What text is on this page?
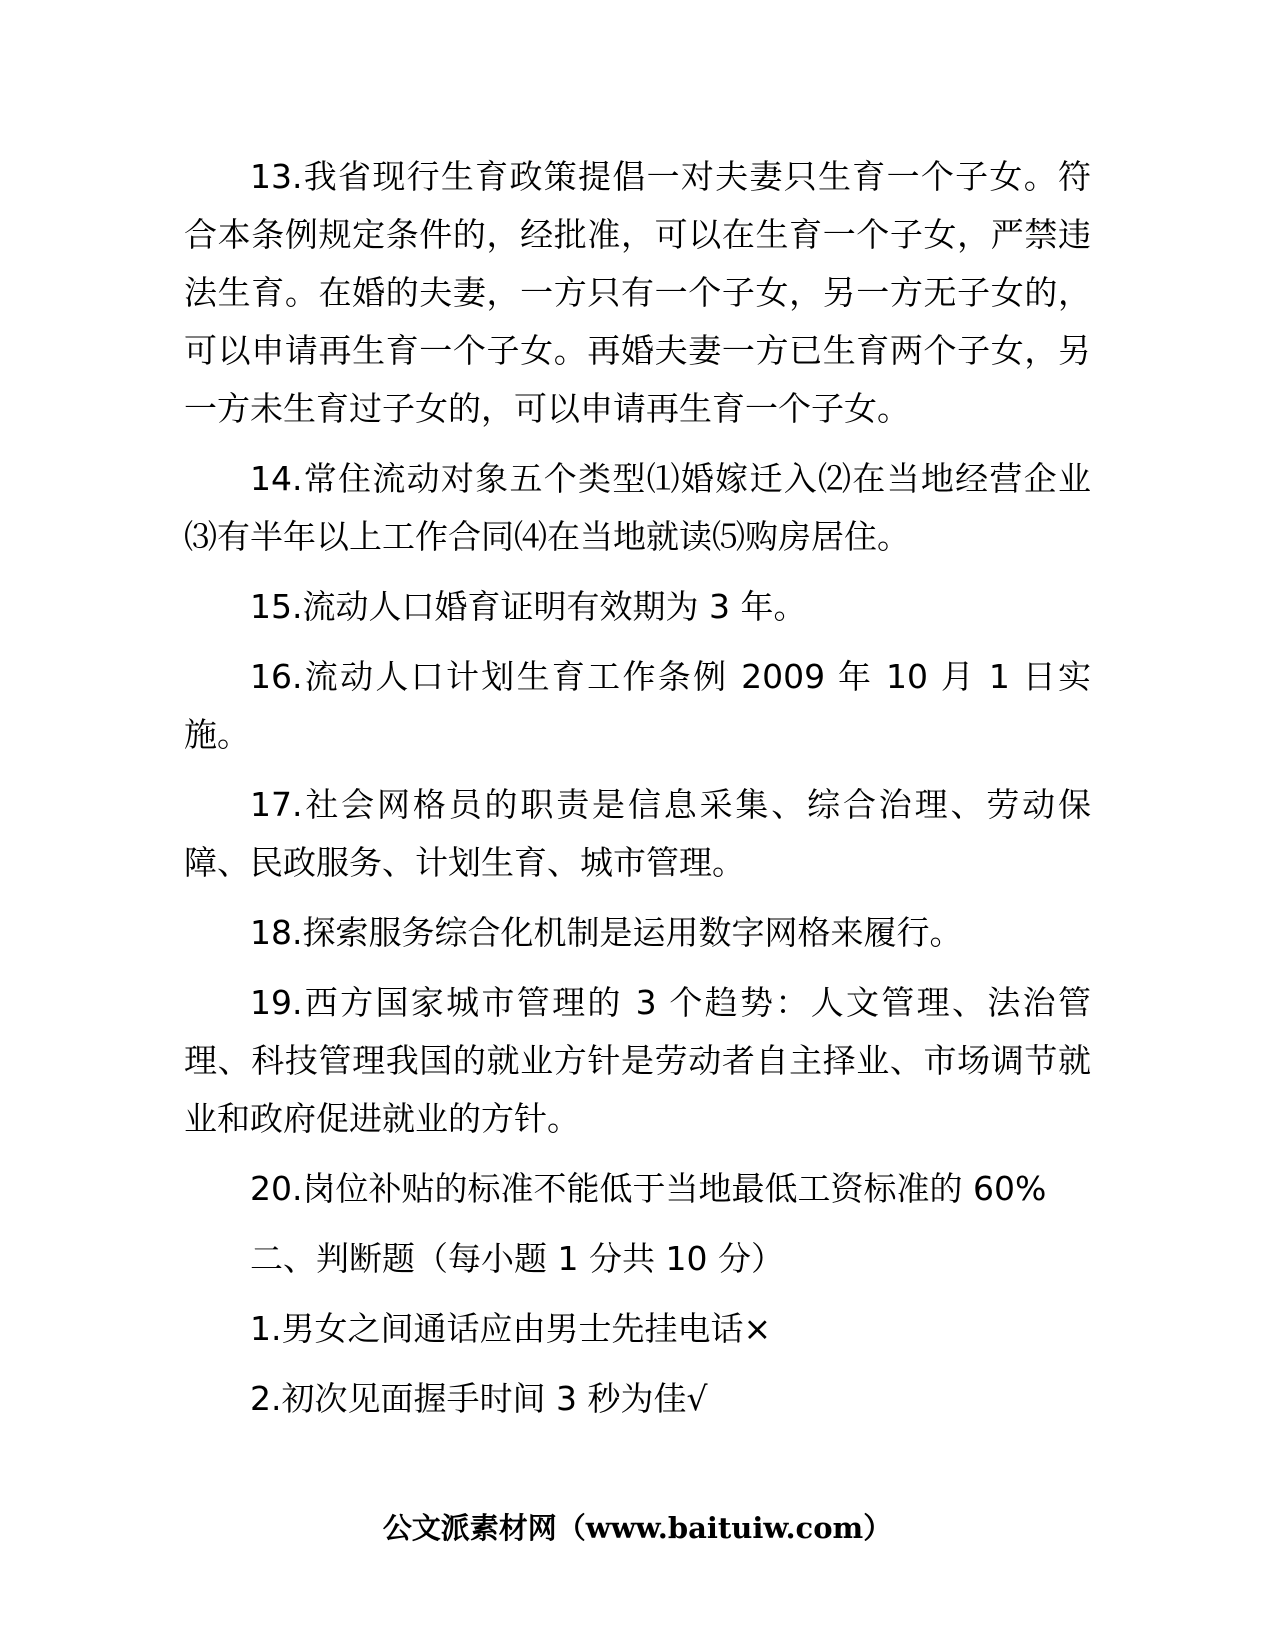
13.我省现行生育政策提倡一对夫妻只生育一个子女。符合本条例规定条件的，经批准，可以在生育一个子女，严禁违法生育。在婚的夫妻，一方只有一个子女，另一方无子女的，可以申请再生育一个子女。再婚夫妻一方已生育两个子女，另一方未生育过子女的，可以申请再生育一个子女。

14.常住流动对象五个类型⑴婚嫁迁入⑵在当地经营企业⑶有半年以上工作合同⑷在当地就读⑸购房居住。

15.流动人口婚育证明有效期为 3 年。

16.流动人口计划生育工作条例 2009 年 10 月 1 日实施。

17.社会网格员的职责是信息采集、综合治理、劳动保障、民政服务、计划生育、城市管理。

18.探索服务综合化机制是运用数字网格来履行。

19.西方国家城市管理的 3 个趋势：人文管理、法治管理、科技管理我国的就业方针是劳动者自主择业、市场调节就业和政府促进就业的方针。

20.岗位补贴的标准不能低于当地最低工资标准的 60%

二、判断题（每小题 1 分共 10 分）

1.男女之间通话应由男士先挂电话×

2.初次见面握手时间 3 秒为佳√

公文派素材网（www.baituiw.com）
